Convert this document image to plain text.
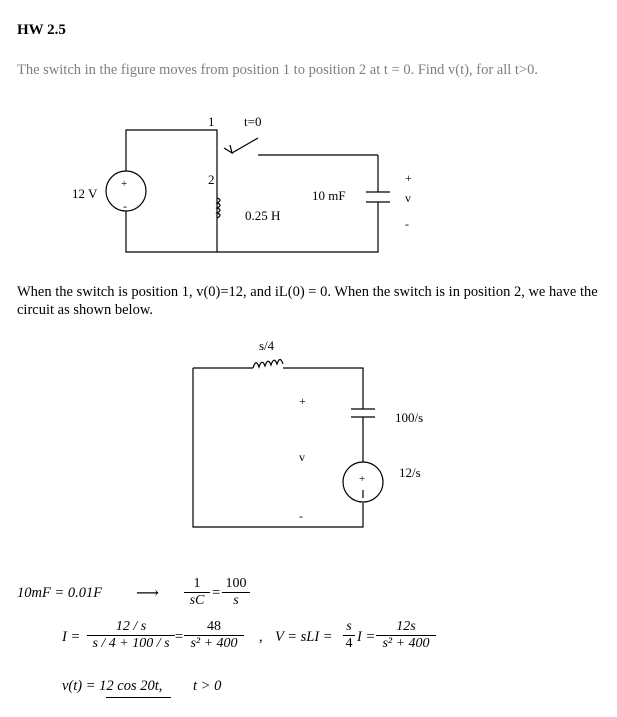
HW 2.5
The switch in the figure moves from position 1 to position 2 at t = 0. Find v(t), for all t>0.
+
-
12 V
1 t=0
2
0.25 H
10 mF
+
v
-
When the switch is position 1, v(0)=12, and iL(0) = 0. When the switch is in position 2, we have the circuit as shown below.
s/4
+
v
-
100/s
+	12/s
10mF = 0.01F ⟶ $\frac{1}{sC} = \frac{100}{s}$
$I = \frac{12 / s}{s / 4 + 100 / s} = \frac{48}{\text{s² + 400}}$ , V = sLI = $\frac{s}{4}$ $I = \frac{12s}{\text{s² + 400}}$
v(t) = 12 cos 20t, t > 0
